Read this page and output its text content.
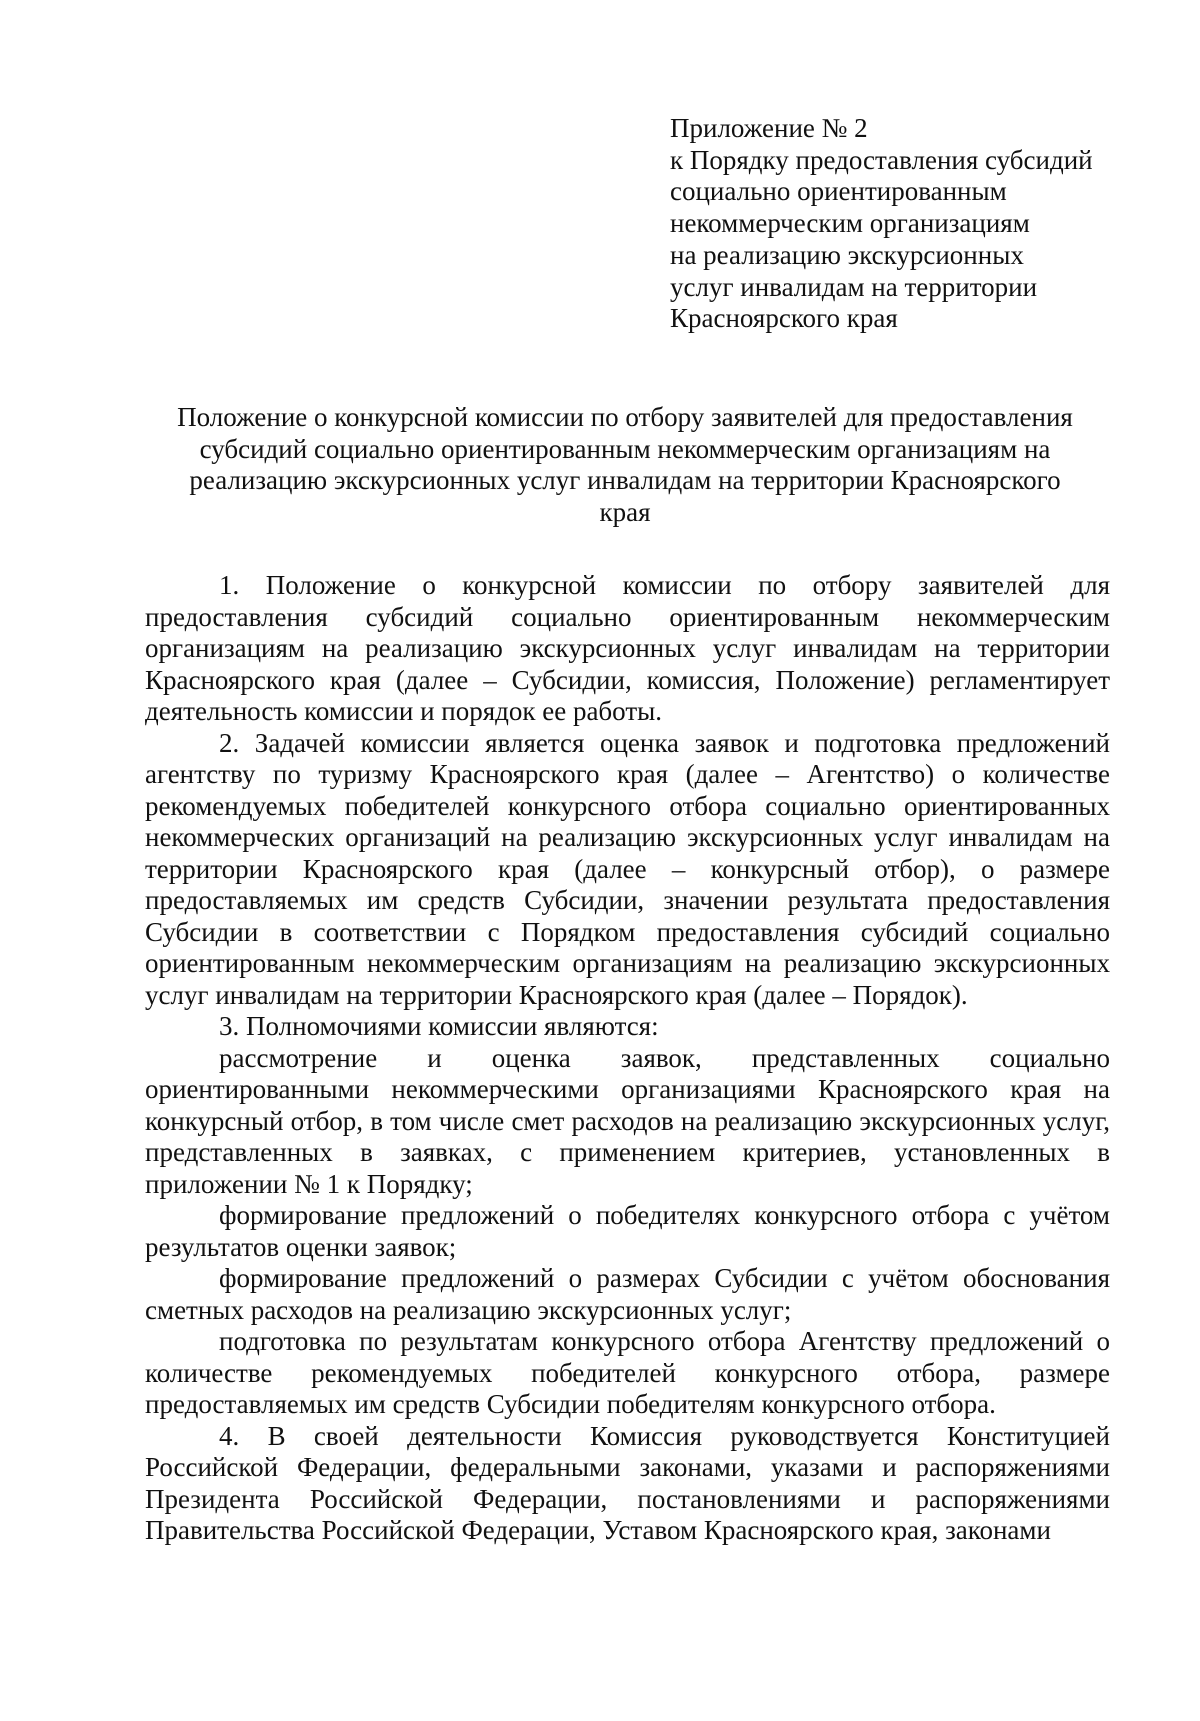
Приложение № 2
к Порядку предоставления субсидий
социально ориентированным
некоммерческим организациям
на реализацию экскурсионных
услуг инвалидам на территории
Красноярского края
Положение о конкурсной комиссии по отбору заявителей для предоставления
субсидий социально ориентированным некоммерческим организациям на
реализацию экскурсионных услуг инвалидам на территории Красноярского
края

1. Положение о конкурсной комиссии по отбору заявителей для предоставления субсидий социально ориентированным некоммерческим организациям на реализацию экскурсионных услуг инвалидам на территории Красноярского края (далее – Субсидии, комиссия, Положение) регламентирует деятельность комиссии и порядок ее работы.

2. Задачей комиссии является оценка заявок и подготовка предложений агентству по туризму Красноярского края (далее – Агентство) о количестве рекомендуемых победителей конкурсного отбора социально ориентированных некоммерческих организаций на реализацию экскурсионных услуг инвалидам на территории Красноярского края (далее – конкурсный отбор), о размере предоставляемых им средств Субсидии, значении результата предоставления Субсидии в соответствии с Порядком предоставления субсидий социально ориентированным некоммерческим организациям на реализацию экскурсионных услуг инвалидам на территории Красноярского края (далее – Порядок).

3. Полномочиями комиссии являются:

рассмотрение и оценка заявок, представленных социально ориентированными некоммерческими организациями Красноярского края на конкурсный отбор, в том числе смет расходов на реализацию экскурсионных услуг, представленных в заявках, с применением критериев, установленных в приложении № 1 к Порядку;

формирование предложений о победителях конкурсного отбора с учётом результатов оценки заявок;

формирование предложений о размерах Субсидии с учётом обоснования сметных расходов на реализацию экскурсионных услуг;

подготовка по результатам конкурсного отбора Агентству предложений о количестве рекомендуемых победителей конкурсного отбора, размере предоставляемых им средств Субсидии победителям конкурсного отбора.

4. В своей деятельности Комиссия руководствуется Конституцией Российской Федерации, федеральными законами, указами и распоряжениями Президента Российской Федерации, постановлениями и распоряжениями Правительства Российской Федерации, Уставом Красноярского края, законами
